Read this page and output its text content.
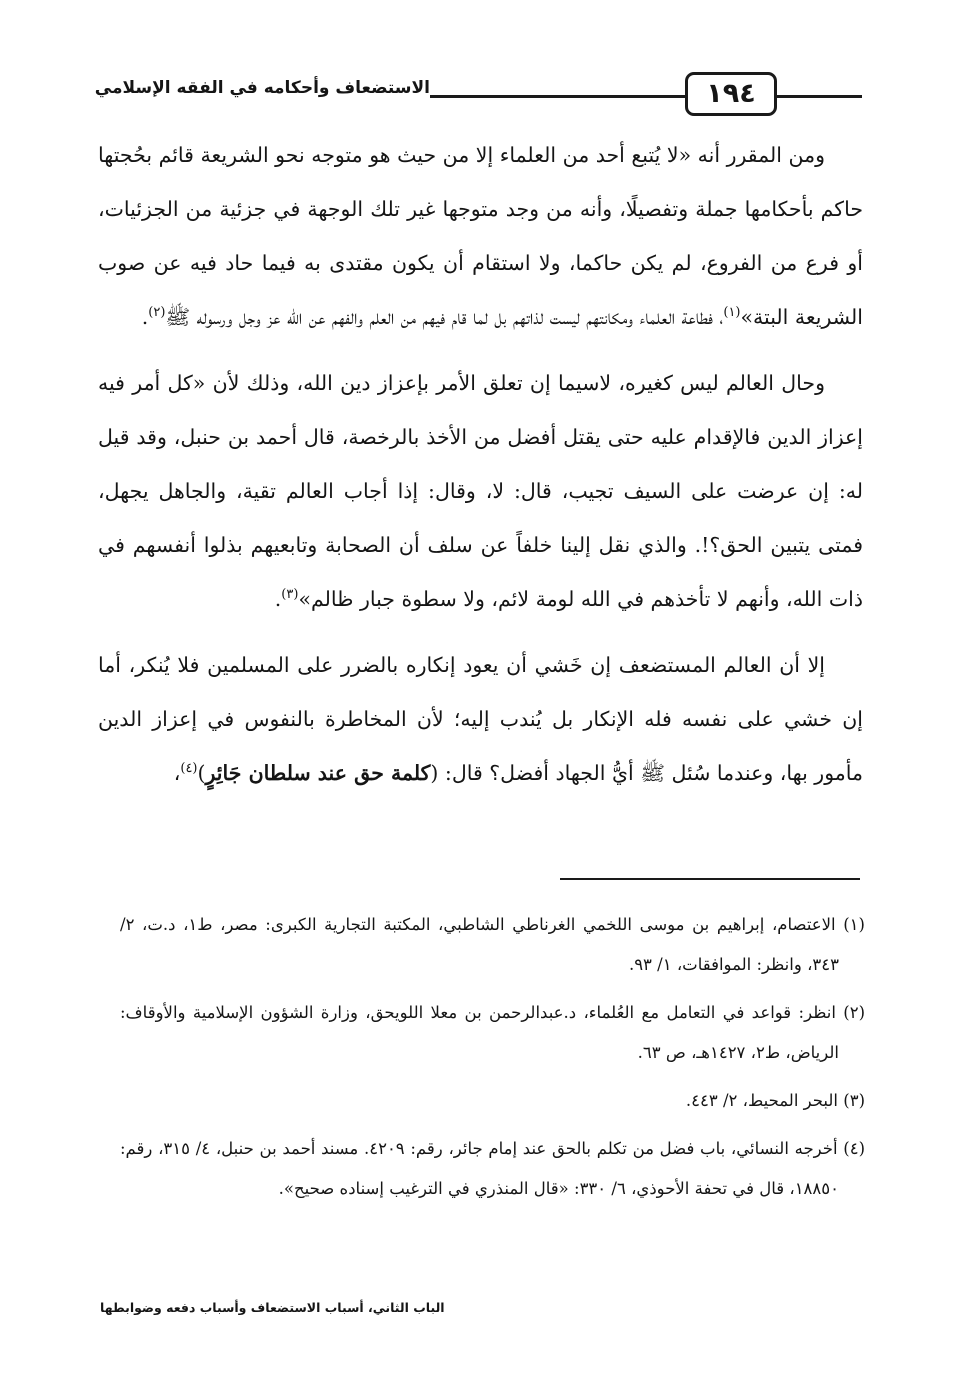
الاستضعاف وأحكامه في الفقه الإسلامي	١٩٤

ومن المقرر أنه «لا يُتبع أحد من العلماء إلا من حيث هو متوجه نحو الشريعة قائم بحُجتها حاكم بأحكامها جملة وتفصيلًا، وأنه من وجد متوجها غير تلك الوجهة في جزئية من الجزئيات، أو فرع من الفروع، لم يكن حاكما، ولا استقام أن يكون مقتدى به فيما حاد فيه عن صوب الشريعة البتة»$^{(١)}$، فطاعة العلماء ومكانتهم ليست لذاتهم بل لما قام فيهم من العلم والفهم عن الله عز وجل ورسوله ﷺ$^{(٢)}$.

وحال العالم ليس كغيره، لاسيما إن تعلق الأمر بإعزاز دين الله، وذلك لأن «كل أمر فيه إعزاز الدين فالإقدام عليه حتى يقتل أفضل من الأخذ بالرخصة، قال أحمد بن حنبل، وقد قيل له: إن عرضت على السيف تجيب، قال: لا، وقال: إذا أجاب العالم تقية، والجاهل يجهل، فمتى يتبين الحق؟!. والذي نقل إلينا خلفاً عن سلف أن الصحابة وتابعيهم بذلوا أنفسهم في ذات الله، وأنهم لا تأخذهم في الله لومة لائم، ولا سطوة جبار ظالم»$^{(٣)}$.

إلا أن العالم المستضعف إن خَشي أن يعود إنكاره بالضرر على المسلمين فلا يُنكر، أما إن خشي على نفسه فله الإنكار بل يُندب إليه؛ لأن المخاطرة بالنفوس في إعزاز الدين مأمور بها، وعندما سُئل ﷺ أيُّ الجهاد أفضل؟ قال: (كلمة حق عند سلطان جَائِرٍ)$^{(٤)}$،

(١) الاعتصام، إبراهيم بن موسى اللخمي الغرناطي الشاطبي، المكتبة التجارية الكبرى: مصر، ط١، د.ت، ٢/ ٣٤٣، وانظر: الموافقات، ١/ ٩٣.

(٢) انظر: قواعد في التعامل مع العُلماء، د.عبدالرحمن بن معلا اللويحق، وزارة الشؤون الإسلامية والأوقاف: الرياض، ط٢، ١٤٢٧هـ، ص ٦٣.

(٣) البحر المحيط، ٢/ ٤٤٣.

(٤) أخرجه النسائي، باب فضل من تكلم بالحق عند إمام جائر، رقم: ٤٢٠٩. مسند أحمد بن حنبل، ٤/ ٣١٥، رقم: ١٨٨٥٠، قال في تحفة الأحوذي، ٦/ ٣٣٠: «قال المنذري في الترغيب إسناده صحيح».

الباب الثاني، أسباب الاستضعاف وأسباب دفعه وضوابطها
